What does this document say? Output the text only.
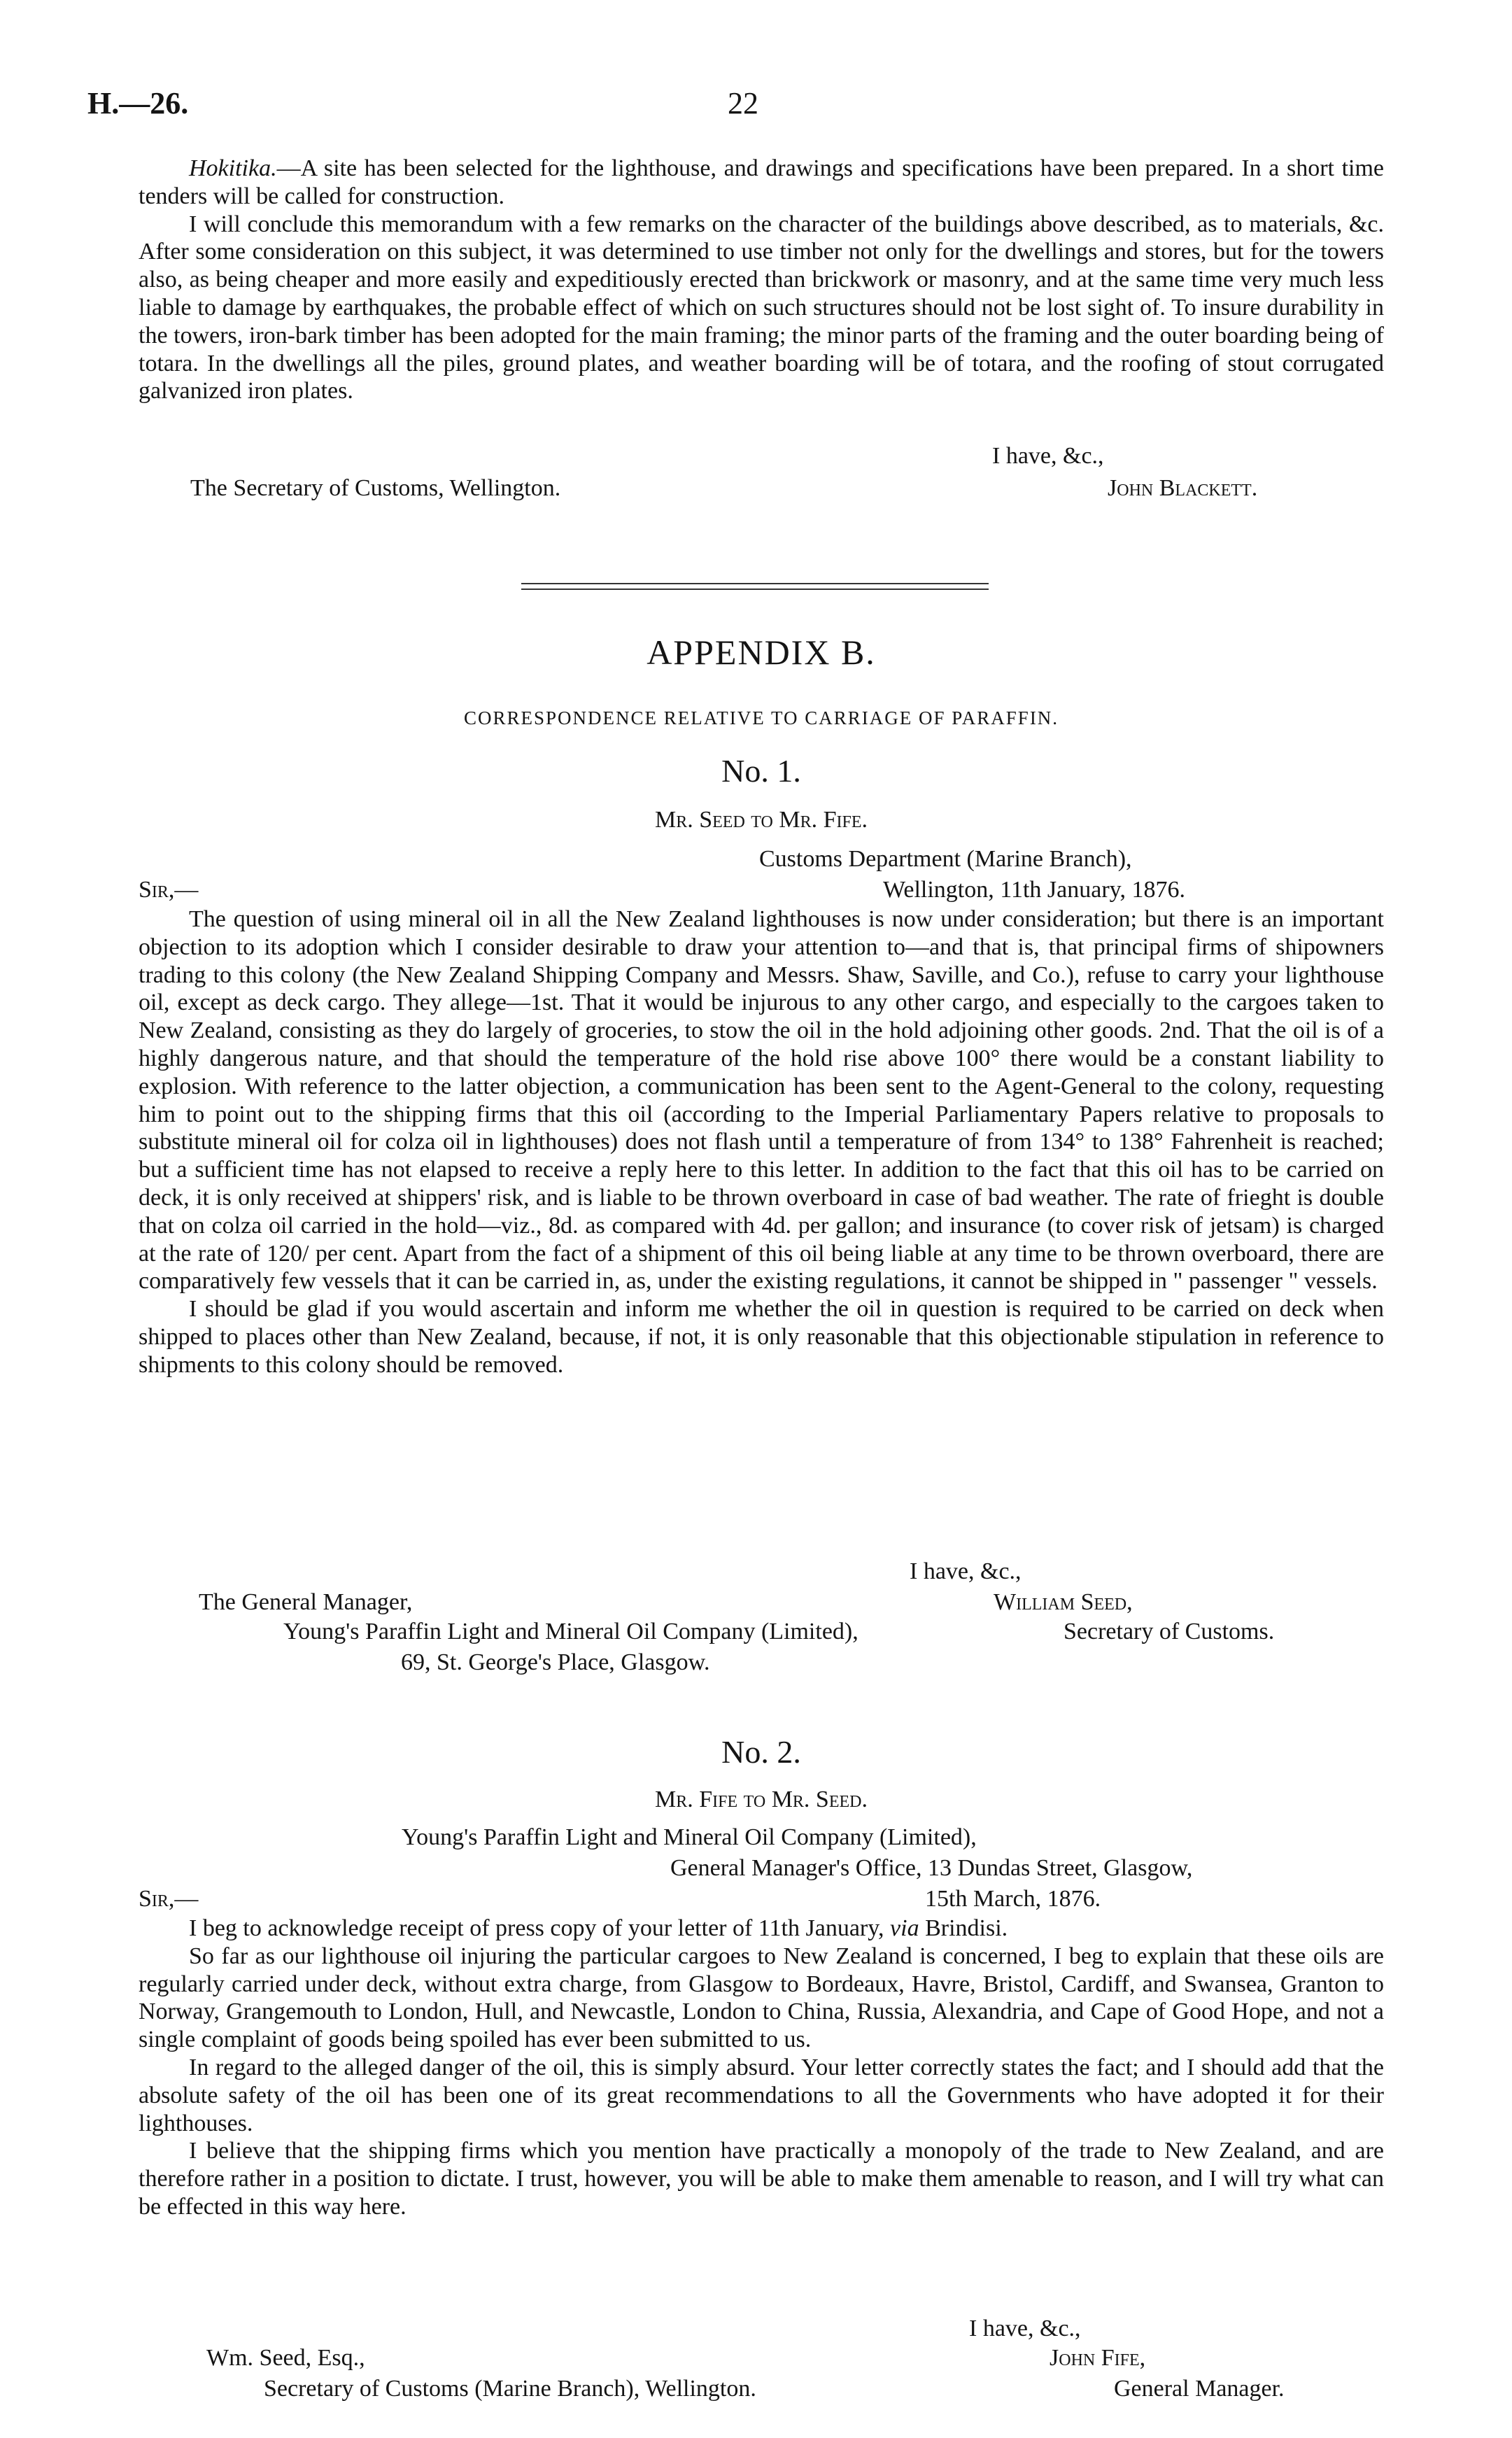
H.—26.	22

Hokitika.—A site has been selected for the lighthouse, and drawings and specifications have been prepared. In a short time tenders will be called for construction.

I will conclude this memorandum with a few remarks on the character of the buildings above described, as to materials, &c. After some consideration on this subject, it was determined to use timber not only for the dwellings and stores, but for the towers also, as being cheaper and more easily and expeditiously erected than brickwork or masonry, and at the same time very much less liable to damage by earthquakes, the probable effect of which on such structures should not be lost sight of. To insure durability in the towers, iron-bark timber has been adopted for the main framing; the minor parts of the framing and the outer boarding being of totara. In the dwellings all the piles, ground plates, and weather boarding will be of totara, and the roofing of stout corrugated galvanized iron plates.

I have, &c.,
The Secretary of Customs, Wellington.	John Blackett.
APPENDIX B.
CORRESPONDENCE RELATIVE TO CARRIAGE OF PARAFFIN.
No. 1.
Mr. Seed to Mr. Fife.
Customs Department (Marine Branch),
Wellington, 11th January, 1876.
Sir,—

The question of using mineral oil in all the New Zealand lighthouses is now under consideration; but there is an important objection to its adoption which I consider desirable to draw your attention to—and that is, that principal firms of shipowners trading to this colony (the New Zealand Shipping Company and Messrs. Shaw, Saville, and Co.), refuse to carry your lighthouse oil, except as deck cargo. They allege—1st. That it would be injurous to any other cargo, and especially to the cargoes taken to New Zealand, consisting as they do largely of groceries, to stow the oil in the hold adjoining other goods. 2nd. That the oil is of a highly dangerous nature, and that should the temperature of the hold rise above 100° there would be a constant liability to explosion. With reference to the latter objection, a communication has been sent to the Agent-General to the colony, requesting him to point out to the shipping firms that this oil (according to the Imperial Parliamentary Papers relative to proposals to substitute mineral oil for colza oil in lighthouses) does not flash until a temperature of from 134° to 138° Fahrenheit is reached; but a sufficient time has not elapsed to receive a reply here to this letter. In addition to the fact that this oil has to be carried on deck, it is only received at shippers' risk, and is liable to be thrown overboard in case of bad weather. The rate of frieght is double that on colza oil carried in the hold—viz., 8d. as compared with 4d. per gallon; and insurance (to cover risk of jetsam) is charged at the rate of 120/ per cent. Apart from the fact of a shipment of this oil being liable at any time to be thrown overboard, there are comparatively few vessels that it can be carried in, as, under the existing regulations, it cannot be shipped in " passenger " vessels.

I should be glad if you would ascertain and inform me whether the oil in question is required to be carried on deck when shipped to places other than New Zealand, because, if not, it is only reasonable that this objectionable stipulation in reference to shipments to this colony should be removed.

I have, &c.,
The General Manager,
Young's Paraffin Light and Mineral Oil Company (Limited),
69, St. George's Place, Glasgow.
William Seed,
Secretary of Customs.
No. 2.
Mr. Fife to Mr. Seed.
Young's Paraffin Light and Mineral Oil Company (Limited),
General Manager's Office, 13 Dundas Street, Glasgow,
Sir,—	15th March, 1876.

I beg to acknowledge receipt of press copy of your letter of 11th January, via Brindisi.

So far as our lighthouse oil injuring the particular cargoes to New Zealand is concerned, I beg to explain that these oils are regularly carried under deck, without extra charge, from Glasgow to Bordeaux, Havre, Bristol, Cardiff, and Swansea, Granton to Norway, Grangemouth to London, Hull, and Newcastle, London to China, Russia, Alexandria, and Cape of Good Hope, and not a single complaint of goods being spoiled has ever been submitted to us.

In regard to the alleged danger of the oil, this is simply absurd. Your letter correctly states the fact; and I should add that the absolute safety of the oil has been one of its great recommendations to all the Governments who have adopted it for their lighthouses.

I believe that the shipping firms which you mention have practically a monopoly of the trade to New Zealand, and are therefore rather in a position to dictate. I trust, however, you will be able to make them amenable to reason, and I will try what can be effected in this way here.

I have, &c.,
Wm. Seed, Esq.,
Secretary of Customs (Marine Branch), Wellington.
John Fife,
General Manager.
